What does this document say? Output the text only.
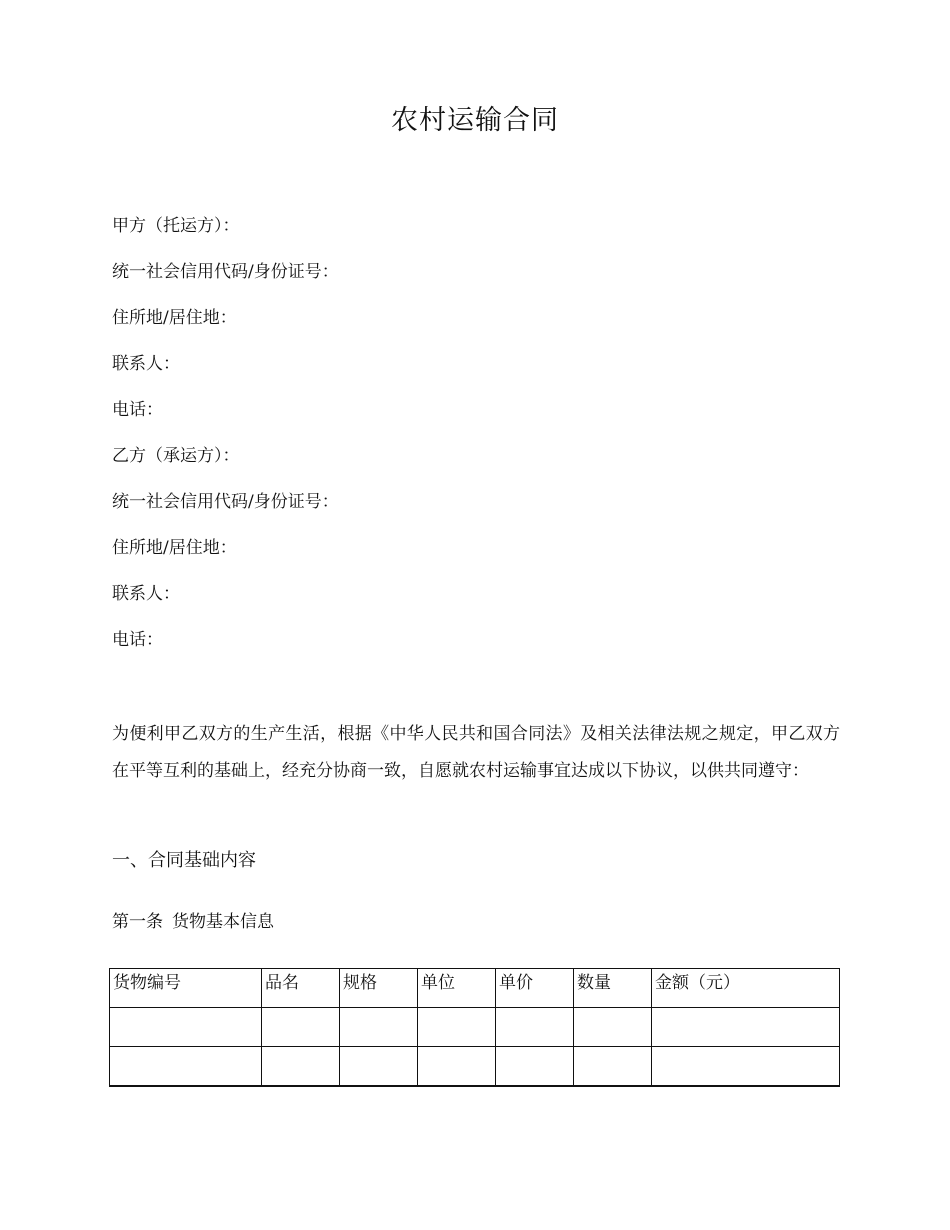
农村运输合同
甲方（托运方）：
统一社会信用代码/身份证号：
住所地/居住地：
联系人：
电话：
乙方（承运方）：
统一社会信用代码/身份证号：
住所地/居住地：
联系人：
电话：
为便利甲乙双方的生产生活，根据《中华人民共和国合同法》及相关法律法规之规定，甲乙双方在平等互利的基础上，经充分协商一致，自愿就农村运输事宜达成以下协议，以供共同遵守：
一、合同基础内容
第一条 货物基本信息
货物编号	品名	规格	单位	单价	数量	金额（元）
